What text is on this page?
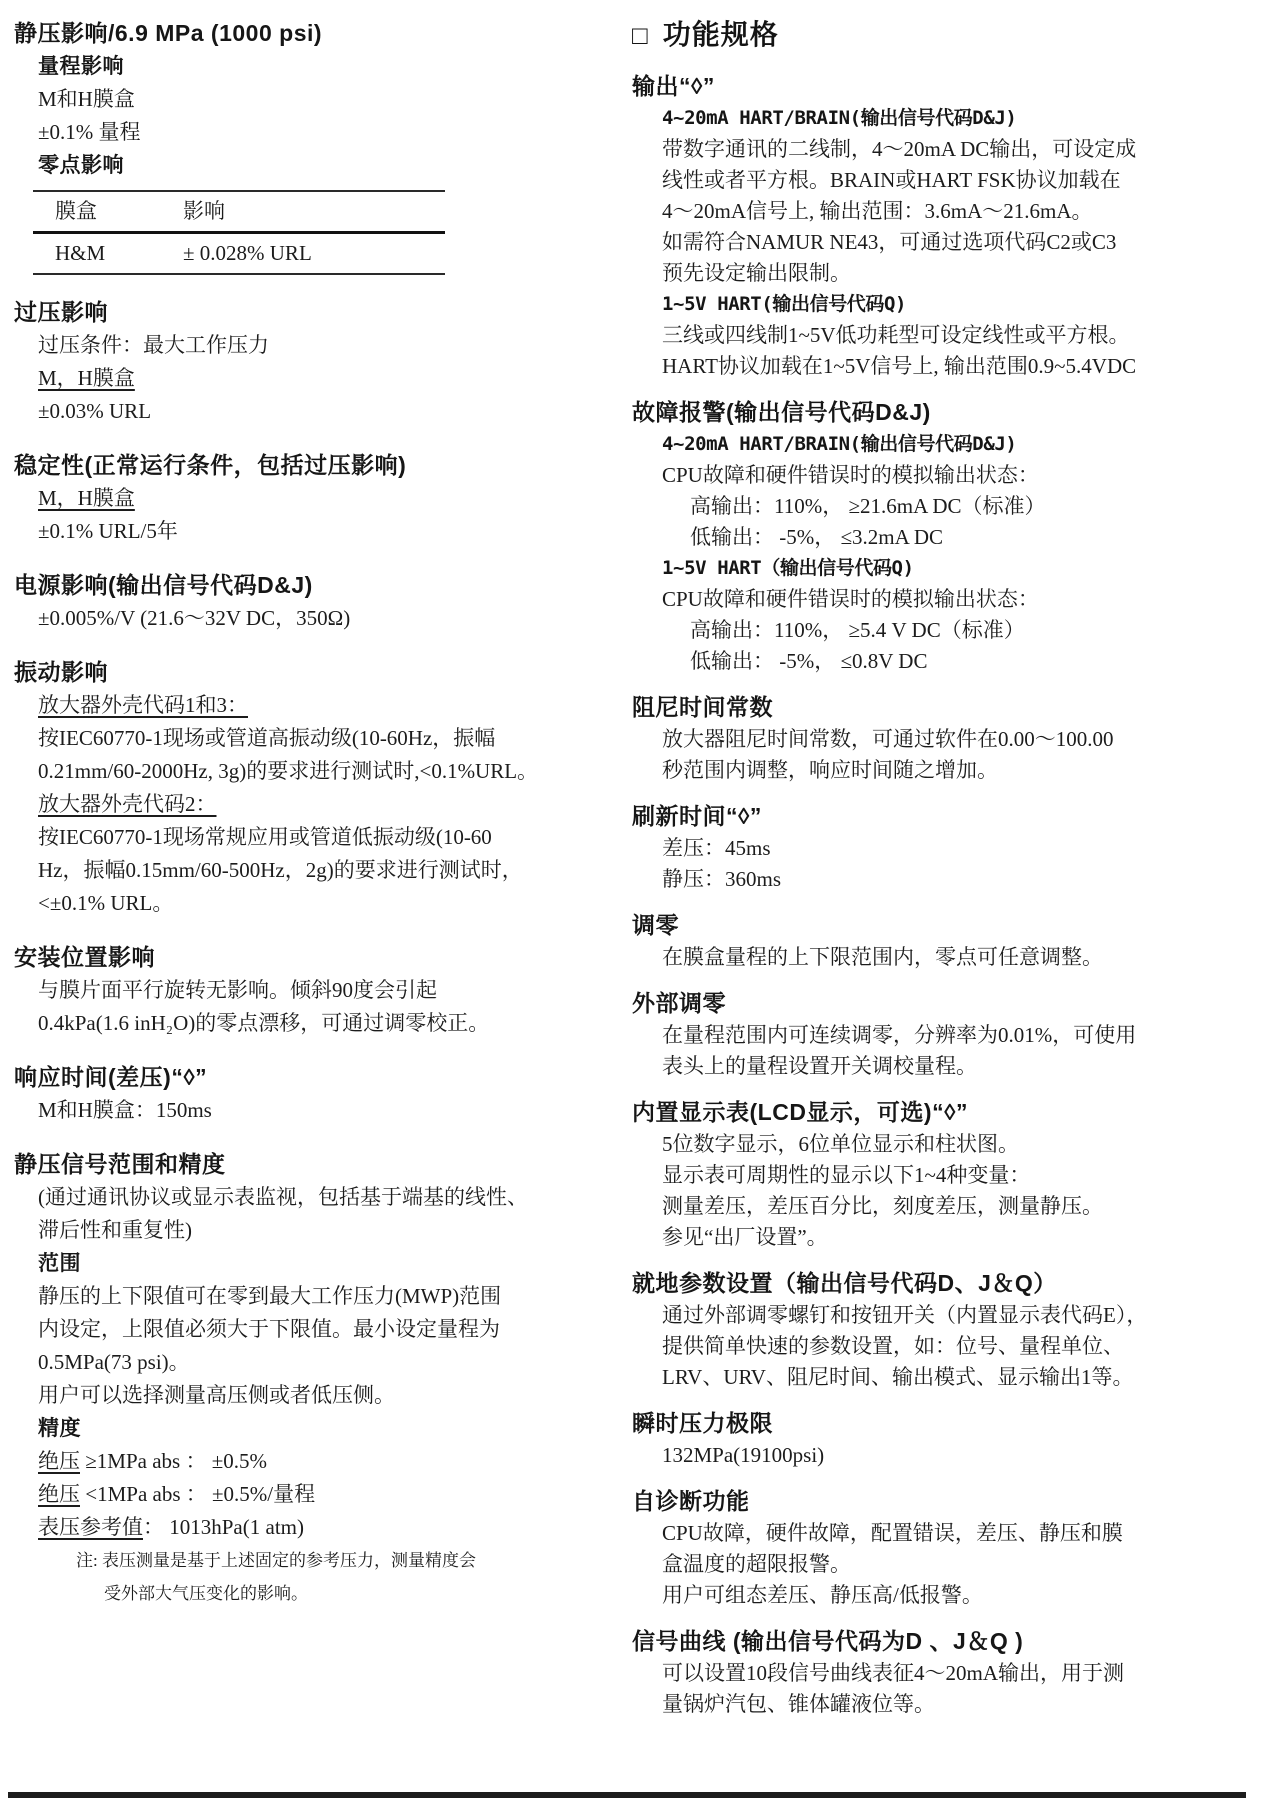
静压影响/6.9 MPa (1000 psi)
量程影响
M和H膜盒
±0.1% 量程
零点影响
膜盒	影响
H&M	± 0.028% URL
过压影响
过压条件：最大工作压力
M，H膜盒
±0.03% URL
稳定性(正常运行条件，包括过压影响)
M，H膜盒
±0.1% URL/5年
电源影响(输出信号代码D&J)
±0.005%/V (21.6～32V DC，350Ω)
振动影响
放大器外壳代码1和3：
按IEC60770-1现场或管道高振动级(10-60Hz，振幅
0.21mm/60-2000Hz, 3g)的要求进行测试时,<0.1%URL。
放大器外壳代码2：
按IEC60770-1现场常规应用或管道低振动级(10-60
Hz，振幅0.15mm/60-500Hz，2g)的要求进行测试时，
<±0.1% URL。
安装位置影响
与膜片面平行旋转无影响。倾斜90度会引起
0.4kPa(1.6 inH₂O)的零点漂移，可通过调零校正。
响应时间(差压)“◊”
M和H膜盒：150ms
静压信号范围和精度
(通过通讯协议或显示表监视，包括基于端基的线性、
滞后性和重复性)
范围
静压的上下限值可在零到最大工作压力(MWP)范围
内设定，上限值必须大于下限值。最小设定量程为
0.5MPa(73 psi)。
用户可以选择测量高压侧或者低压侧。
精度
绝压 ≥1MPa abs ： ±0.5%
绝压 <1MPa abs ： ±0.5%/量程
表压参考值： 1013hPa(1 atm)
注: 表压测量是基于上述固定的参考压力，测量精度会
受外部大气压变化的影响。
□ 功能规格
输出“◊”
4~20mA HART/BRAIN(输出信号代码D&J)
带数字通讯的二线制，4～20mA DC输出，可设定成
线性或者平方根。BRAIN或HART FSK协议加载在
4～20mA信号上, 输出范围：3.6mA～21.6mA。
如需符合NAMUR NE43，可通过选项代码C2或C3
预先设定输出限制。
1~5V HART(输出信号代码Q)
三线或四线制1~5V低功耗型可设定线性或平方根。
HART协议加载在1~5V信号上, 输出范围0.9~5.4VDC
故障报警(输出信号代码D&J)
4~20mA HART/BRAIN(输出信号代码D&J)
CPU故障和硬件错误时的模拟输出状态：
高输出：110%， ≥21.6mA DC（标准）
低输出： -5%， ≤3.2mA DC
1~5V HART（输出信号代码Q)
CPU故障和硬件错误时的模拟输出状态：
高输出：110%， ≥5.4 V DC（标准）
低输出： -5%， ≤0.8V DC
阻尼时间常数
放大器阻尼时间常数，可通过软件在0.00～100.00
秒范围内调整，响应时间随之增加。
刷新时间“◊”
差压：45ms
静压：360ms
调零
在膜盒量程的上下限范围内，零点可任意调整。
外部调零
在量程范围内可连续调零，分辨率为0.01%，可使用
表头上的量程设置开关调校量程。
内置显示表(LCD显示，可选)“◊”
5位数字显示，6位单位显示和柱状图。
显示表可周期性的显示以下1~4种变量：
测量差压，差压百分比，刻度差压，测量静压。
参见“出厂设置”。
就地参数设置（输出信号代码D、J＆Q）
通过外部调零螺钉和按钮开关（内置显示表代码E），
提供简单快速的参数设置，如：位号、量程单位、
LRV、URV、阻尼时间、输出模式、显示输出1等。
瞬时压力极限
132MPa(19100psi)
自诊断功能
CPU故障，硬件故障，配置错误，差压、静压和膜
盒温度的超限报警。
用户可组态差压、静压高/低报警。
信号曲线 (输出信号代码为D 、J＆Q )
可以设置10段信号曲线表征4～20mA输出，用于测
量锅炉汽包、锥体罐液位等。
